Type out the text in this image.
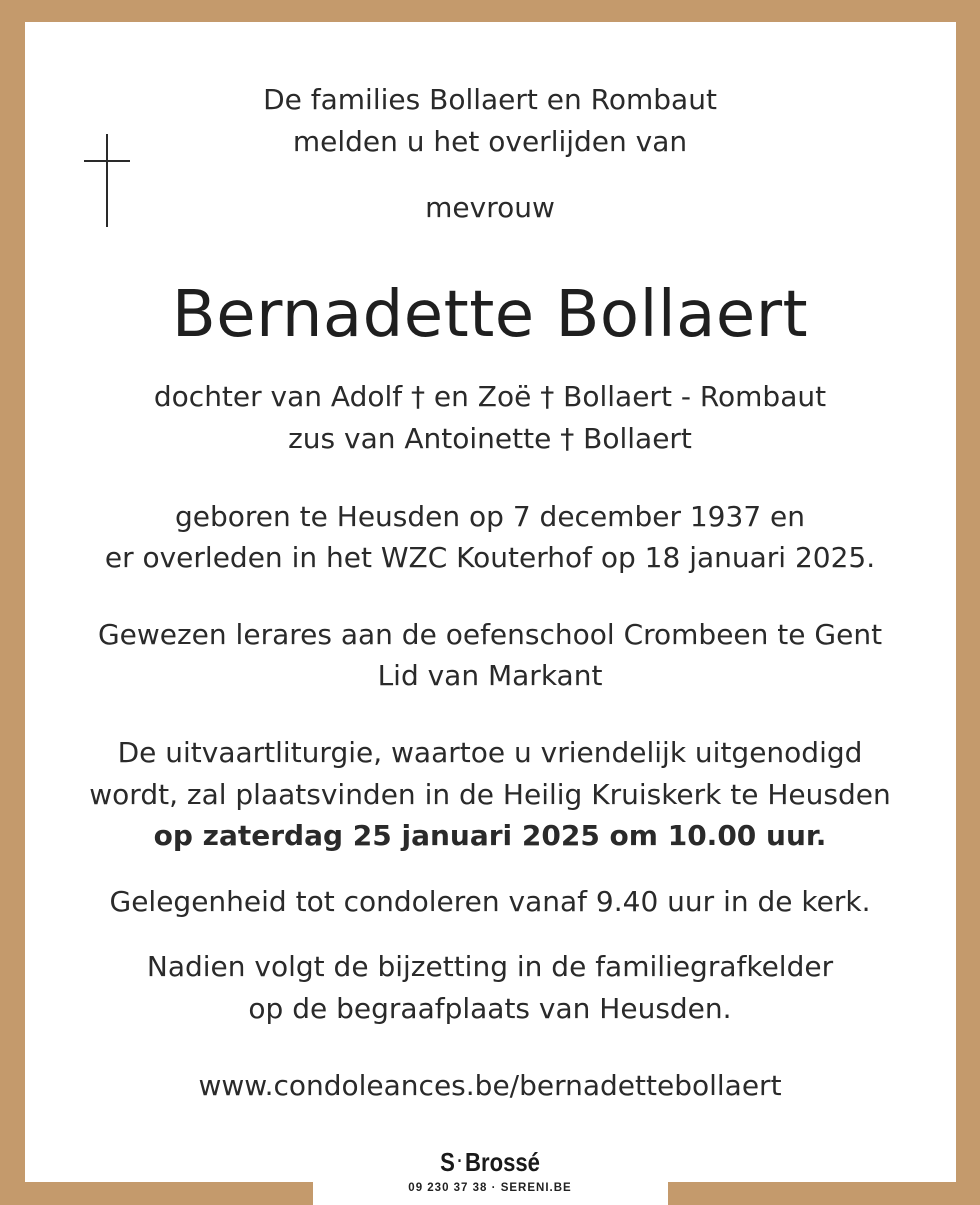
De families Bollaert en Rombaut
melden u het overlijden van
mevrouw
Bernadette Bollaert
dochter van Adolf † en Zoë † Bollaert - Rombaut
zus van Antoinette † Bollaert
geboren te Heusden op 7 december 1937 en
er overleden in het WZC Kouterhof op 18 januari 2025.
Gewezen lerares aan de oefenschool Crombeen te Gent
Lid van Markant
De uitvaartliturgie, waartoe u vriendelijk uitgenodigd
wordt, zal plaatsvinden in de Heilig Kruiskerk te Heusden
op zaterdag 25 januari 2025 om 10.00 uur.
Gelegenheid tot condoleren vanaf 9.40 uur in de kerk.
Nadien volgt de bijzetting in de familiegrafkelder
op de begraafplaats van Heusden.
www.condoleances.be/bernadettebollaert
S ·Brossé
09 230 37 38 · SERENI.BE
